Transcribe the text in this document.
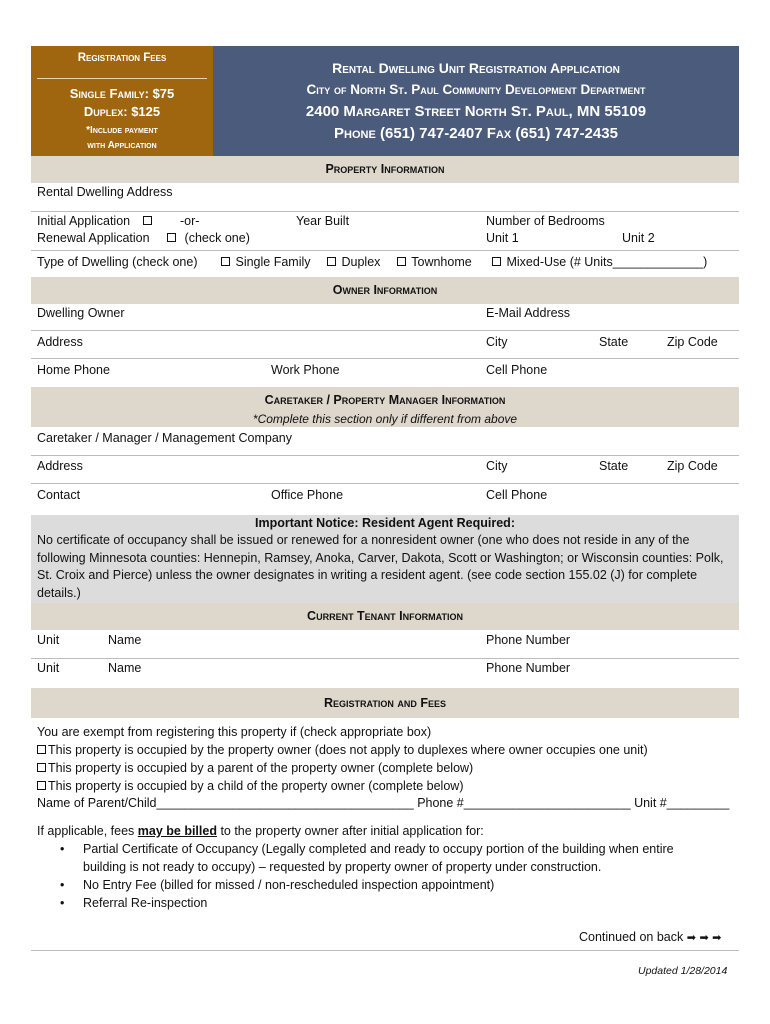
Registration Fees
Single Family: $75
Duplex: $125
*Include payment
with Application
Rental Dwelling Unit Registration Application
City of North St. Paul Community Development Department
2400 Margaret Street North St. Paul, MN 55109
Phone (651) 747-2407 Fax (651) 747-2435
Property Information
Rental Dwelling Address
Initial Application	-or-
Renewal Application	(check one)
Year Built	Number of Bedrooms
Unit 1	Unit 2
Type of Dwelling (check one)	Single Family	Duplex	Townhome	Mixed-Use (# Units_____________)
Owner Information
Dwelling Owner	E-Mail Address
Address	City	State	Zip Code
Home Phone	Work Phone	Cell Phone
Caretaker / Property Manager Information
*Complete this section only if different from above
Caretaker / Manager / Management Company
Address	City	State	Zip Code
Contact	Office Phone	Cell Phone
Important Notice: Resident Agent Required:

No certificate of occupancy shall be issued or renewed for a nonresident owner (one who does not reside in any of the following Minnesota counties: Hennepin, Ramsey, Anoka, Carver, Dakota, Scott or Washington; or Wisconsin counties: Polk, St. Croix and Pierce) unless the owner designates in writing a resident agent. (see code section 155.02 (J) for complete details.)

Current Tenant Information
Unit	Name	Phone Number
Unit	Name	Phone Number
Registration and Fees
You are exempt from registering this property if (check appropriate box)
This property is occupied by the property owner (does not apply to duplexes where owner occupies one unit)
This property is occupied by a parent of the property owner (complete below)
This property is occupied by a child of the property owner (complete below)
Name of Parent/Child_____________________________________ Phone #________________________ Unit #_________
If applicable, fees may be billed to the property owner after initial application for:
• Partial Certificate of Occupancy (Legally completed and ready to occupy portion of the building when entire
building is not ready to occupy) – requested by property owner of property under construction.
• No Entry Fee (billed for missed / non-rescheduled inspection appointment)
• Referral Re-inspection
Continued on back ➡ ➡ ➡
Updated 1/28/2014
